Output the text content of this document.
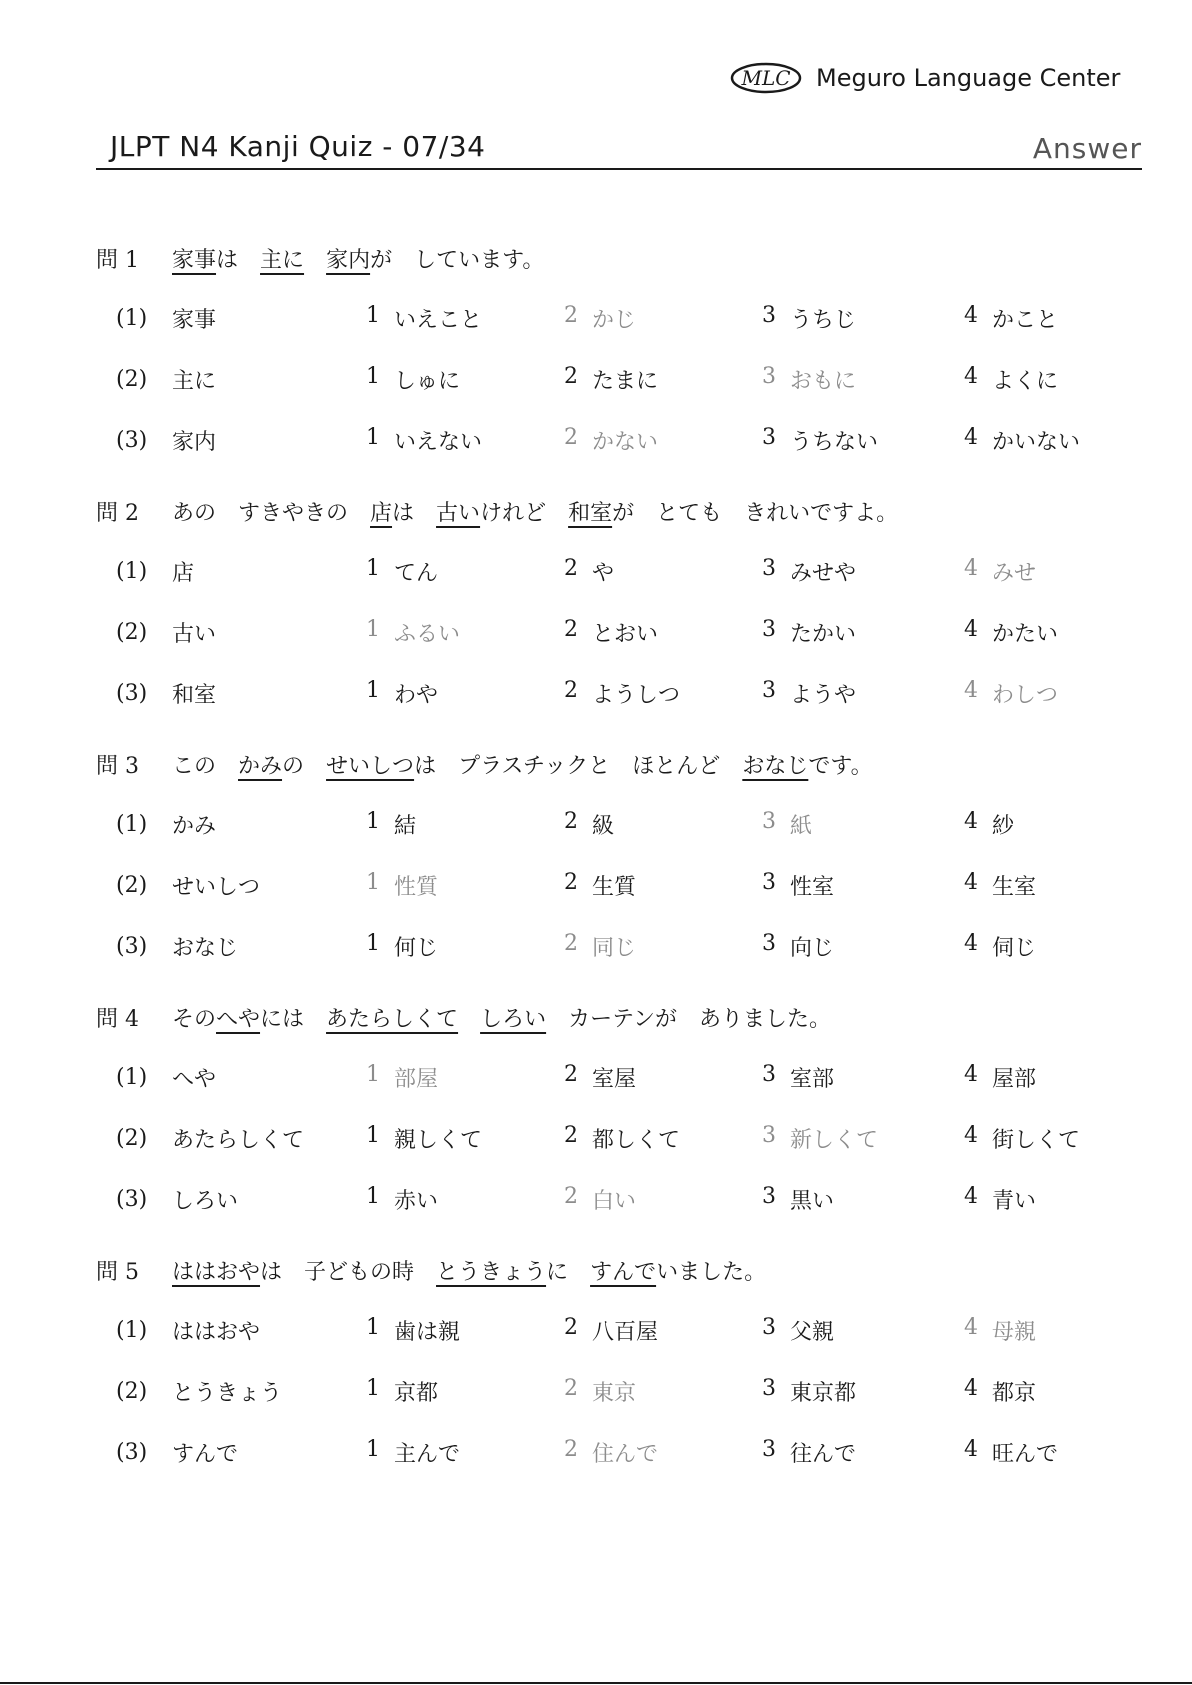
MLC Meguro Language Center
JLPT N4 Kanji Quiz - 07/34	Answer
問 1	家事は　主に　 家内が　しています。
(1) 家事	1 いえこと	2 かじ	3 うちじ	4 かこと
(2) 主に	1 しゅに	2 たまに	3 おもに	4 よくに
(3) 家内	1 いえない	2 かない	3 うちない	4 かいない
問 2	あの　すきやきの　店は　古いけれど　和室が　とても　きれいですよ。
(1) 店	1 てん	2 や	3 みせや	4 みせ
(2) 古い	1 ふるい	2 とおい	3 たかい	4 かたい
(3) 和室	1 わや	2 ようしつ	3 ようや	4 わしつ
問 3	この　かみの　せいしつは　プラスチックと　ほとんど　おなじです。
(1) かみ	1 結	2 級	3 紙	4 紗
(2) せいしつ	1 性質	2 生質	3 性室	4 生室
(3) おなじ	1 何じ	2 同じ	3 向じ	4 伺じ
問 4	そのへやには　あたらしくて　 しろい　カーテンが　ありました。
(1) へや	1 部屋	2 室屋	3 室部	4 屋部
(2) あたらしくて	1 親しくて	2 都しくて	3 新しくて	4 街しくて
(3) しろい	1 赤い	2 白い	3 黒い	4 青い
問 5	ははおやは　子どもの時　とうきょうに　すんでいました。
(1) ははおや	1 歯は親	2 八百屋	3 父親	4 母親
(2) とうきょう	1 京都	2 東京	3 東京都	4 都京
(3) すんで	1 主んで	2 住んで	3 往んで	4 旺んで
